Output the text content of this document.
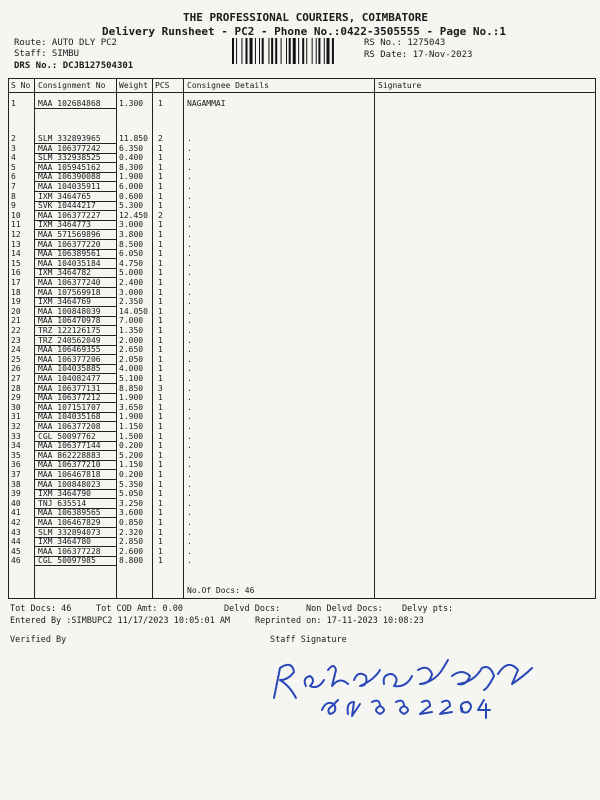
THE PROFESSIONAL COURIERS, COIMBATORE
Delivery Runsheet - PC2 - Phone No.:0422-3505555 - Page No.:1
Route: AUTO DLY PC2
Staff: SIMBU
DRS No.: DCJB127504301
RS No.: 1275043
RS Date: 17-Nov-2023
S No Consignment No Weight PCS Consignee Details	Signature
1	MAA 102684868 1.300 1	NAGAMMAI
2	SLM 332893965 11.850 2	.
3	MAA 106377242 6.350 1	.
4	SLM 332938525 0.400 1	.
5	MAA 105945162 8.300 1	.
6	MAA 106390088 1.900 1	.
7	MAA 104035911 6.000 1	.
8	IXM 3464765	0.600 1	.
9	SVK 10444217	5.300 1	.
10 MAA 106377227 12.450 2	.
11 IXM 3464773	3.000 1	.
12 MAA 571569896 3.800 1	.
13 MAA 106377220 8.500 1	.
14 MAA 106389561 6.050 1	.
15 MAA 104035184 4.750 1	.
16 IXM 3464782	5.000 1	.
17 MAA 106377240 2.400 1	.
18 MAA 107569918 3.000 1	.
19 IXM 3464769	2.350 1	.
20 MAA 100848039 14.050 1	.
21 MAA 106470978 7.000 1	.
22 TRZ 122126175 1.350 1	.
23 TRZ 240562049 2.000 1	.
24 MAA 106469355 2.650 1	.
25 MAA 106377206 2.050 1	.
26 MAA 104035885 4.000 1	.
27 MAA 104082477 5.100 1	.
28 MAA 106377131 8.850 3	.
29 MAA 106377212 1.900 1	.
30 MAA 107151707 3.650 1	.
31 MAA 104035168 1.900 1	.
32 MAA 106377208 1.150 1	.
33 CGL 50097762	1.500 1	.
34 MAA 106377144 0.200 1	.
35 MAA 862228883 5.200 1	.
36 MAA 106377210 1.150 1	.
37 MAA 106467818 0.200 1	.
38 MAA 100848023 5.350 1	.
39 IXM 3464790	5.050 1	.
40 TNJ 635514	3.250 1	.
41 MAA 106389565 3.600 1	.
42 MAA 106467829 0.850 1	.
43 SLM 332894073 2.320 1	.
44 IXM 3464780	2.850 1	.
45 MAA 106377228 2.600 1	.
46 CGL 50097985	8.800 1	.
No.Of Docs: 46
Tot Docs: 46	Tot COD Amt: 0.00	Delvd Docs:	Non Delvd Docs: Delvy pts:
Entered By :SIMBUPC2 11/17/2023 10:05:01 AM	Reprinted on: 17-11-2023 10:08:23
Verified By	Staff Signature
